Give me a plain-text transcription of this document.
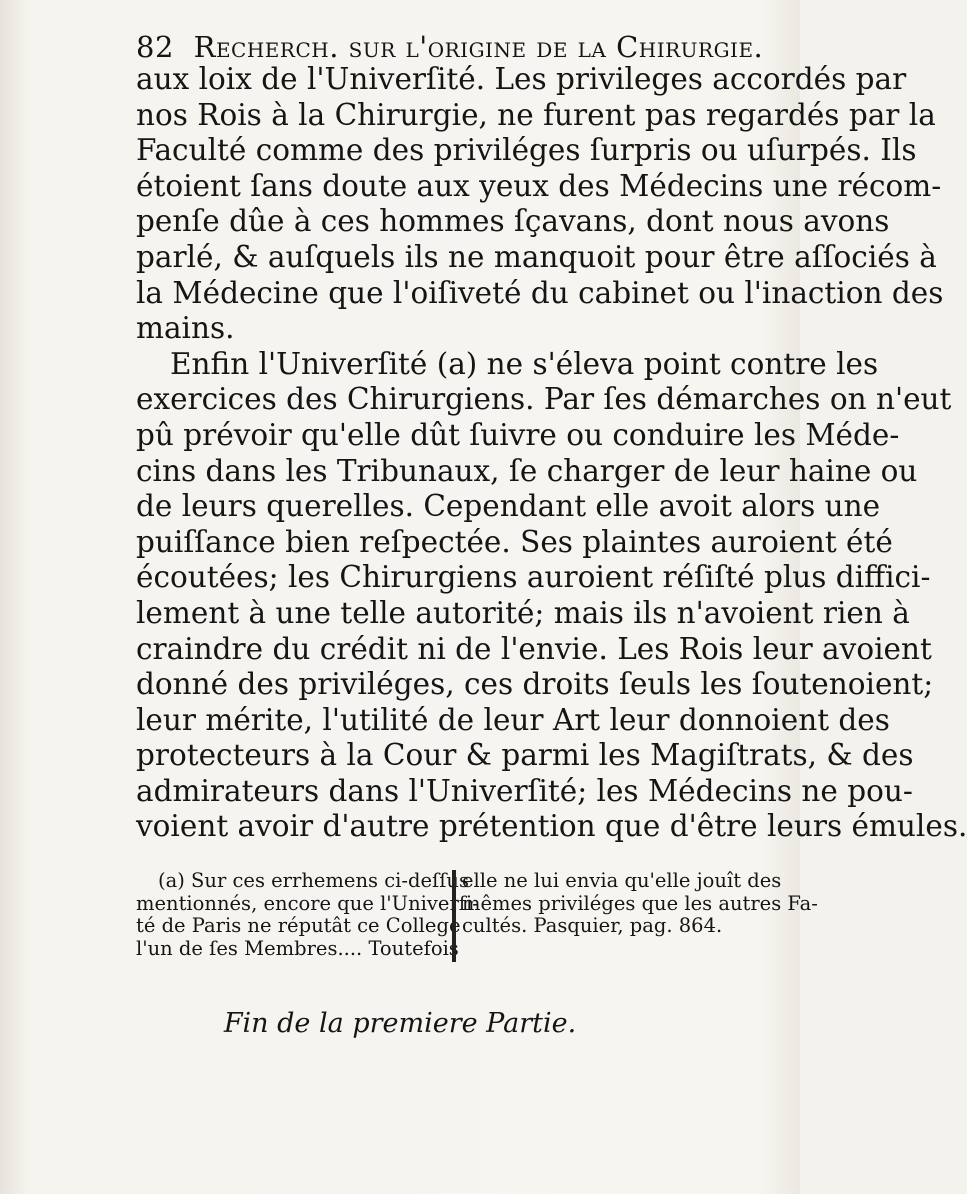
82 Recherch. sur l'origine de la Chirurgie.
aux loix de l'Univerſité. Les privileges accordés par
nos Rois à la Chirurgie, ne furent pas regardés par la
Faculté comme des priviléges ſurpris ou uſurpés. Ils
étoient ſans doute aux yeux des Médecins une récom-
penſe dûe à ces hommes ſçavans, dont nous avons
parlé, & auſquels ils ne manquoit pour être aſſociés à
la Médecine que l'oiſiveté du cabinet ou l'inaction des
mains.
Enfin l'Univerſité (a) ne s'éleva point contre les
exercices des Chirurgiens. Par ſes démarches on n'eut
pû prévoir qu'elle dût ſuivre ou conduire les Méde-
cins dans les Tribunaux, ſe charger de leur haine ou
de leurs querelles. Cependant elle avoit alors une
puiſſance bien reſpectée. Ses plaintes auroient été
écoutées; les Chirurgiens auroient réſiſté plus diffici-
lement à une telle autorité; mais ils n'avoient rien à
craindre du crédit ni de l'envie. Les Rois leur avoient
donné des priviléges, ces droits ſeuls les ſoutenoient;
leur mérite, l'utilité de leur Art leur donnoient des
protecteurs à la Cour & parmi les Magiſtrats, & des
admirateurs dans l'Univerſité; les Médecins ne pou-
voient avoir d'autre prétention que d'être leurs émules.
(a) Sur ces errhemens ci-deſſus
mentionnés, encore que l'Univerſi-
té de Paris ne réputât ce College
l'un de ſes Membres.... Toutefois
elle ne lui envia qu'elle jouît des
mêmes priviléges que les autres Fa-
cultés. Pasquier, pag. 864.
Fin de la premiere Partie.
